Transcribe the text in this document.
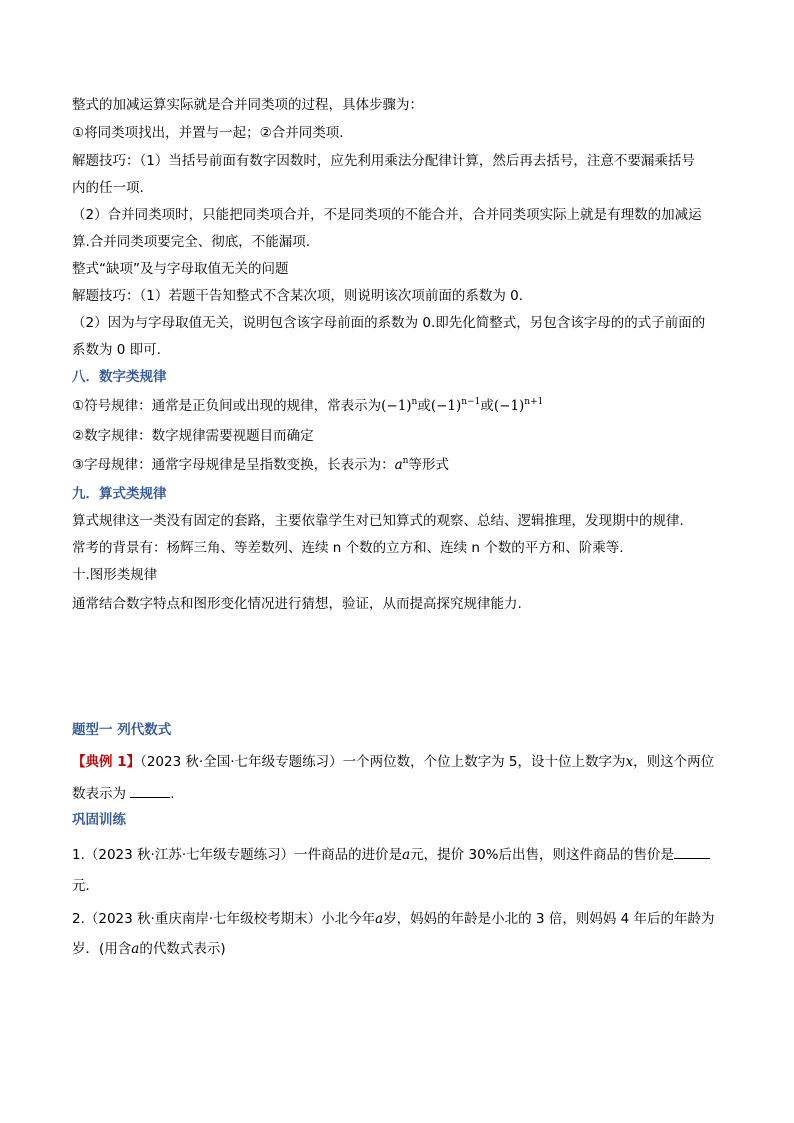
整式的加减运算实际就是合并同类项的过程，具体步骤为：
①将同类项找出，并置与一起；②合并同类项.
解题技巧：（1）当括号前面有数字因数时，应先利用乘法分配律计算，然后再去括号，注意不要漏乘括号
内的任一项.
（2）合并同类项时，只能把同类项合并，不是同类项的不能合并，合并同类项实际上就是有理数的加减运
算.合并同类项要完全、彻底，不能漏项.
整式“缺项”及与字母取值无关的问题
解题技巧：（1）若题干告知整式不含某次项，则说明该次项前面的系数为 0.
（2）因为与字母取值无关，说明包含该字母前面的系数为 0.即先化简整式，另包含该字母的的式子前面的
系数为 0 即可.
八．数字类规律
①符号规律：通常是正负间或出现的规律，常表示为$(-1)^n$或$(-1)^{n-1}$或$(-1)^{n+1}$
②数字规律：数字规律需要视题目而确定
③字母规律：通常字母规律是呈指数变换，长表示为：$a^n$等形式
九．算式类规律
算式规律这一类没有固定的套路，主要依靠学生对已知算式的观察、总结、逻辑推理，发现期中的规律.
常考的背景有：杨辉三角、等差数列、连续 n 个数的立方和、连续 n 个数的平方和、阶乘等.
十.图形类规律
通常结合数字特点和图形变化情况进行猜想，验证，从而提高探究规律能力.
题型一 列代数式
【典例 1】（2023 秋·全国·七年级专题练习）一个两位数，个位上数字为 5，设十位上数字为x，则这个两位
数表示为	.
巩固训练
1.（2023 秋·江苏·七年级专题练习）一件商品的进价是a元，提价 30%后出售，则这件商品的售价是
元．
2.（2023 秋·重庆南岸·七年级校考期末）小北今年a岁，妈妈的年龄是小北的 3 倍，则妈妈 4 年后的年龄为
岁．(用含a的代数式表示)
